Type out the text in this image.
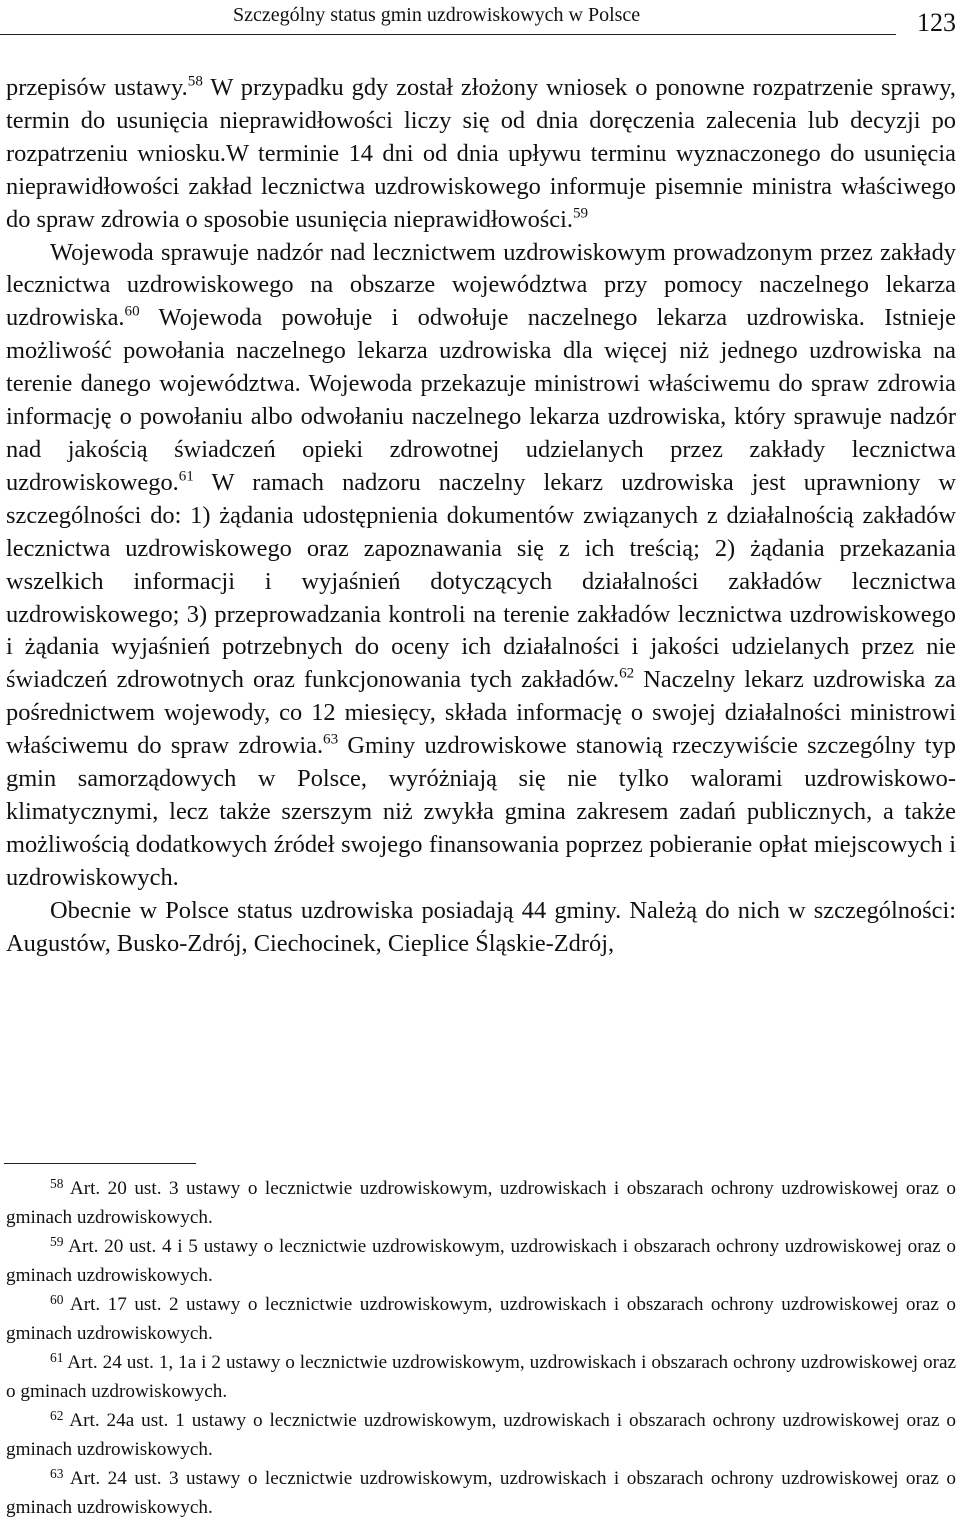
Szczególny status gmin uzdrowiskowych w Polsce	123

przepisów ustawy.$^{58}$ W przypadku gdy został złożony wniosek o ponowne rozpatrzenie sprawy, termin do usunięcia nieprawidłowości liczy się od dnia doręczenia zalecenia lub decyzji po rozpatrzeniu wniosku.W terminie 14 dni od dnia upływu terminu wyznaczonego do usunięcia nieprawidłowości zakład lecznictwa uzdrowiskowego informuje pisemnie ministra właściwego do spraw zdrowia o sposobie usunięcia nieprawidłowości.$^{59}$

Wojewoda sprawuje nadzór nad lecznictwem uzdrowiskowym prowadzonym przez zakłady lecznictwa uzdrowiskowego na obszarze województwa przy pomocy naczelnego lekarza uzdrowiska.$^{60}$ Wojewoda powołuje i odwołuje naczelnego lekarza uzdrowiska. Istnieje możliwość powołania naczelnego lekarza uzdrowiska dla więcej niż jednego uzdrowiska na terenie danego województwa. Wojewoda przekazuje ministrowi właściwemu do spraw zdrowia informację o powołaniu albo odwołaniu naczelnego lekarza uzdrowiska, który sprawuje nadzór nad jakością świadczeń opieki zdrowotnej udzielanych przez zakłady lecznictwa uzdrowiskowego.$^{61}$ W ramach nadzoru naczelny lekarz uzdrowiska jest uprawniony w szczególności do: 1) żądania udostępnienia dokumentów związanych z działalnością zakładów lecznictwa uzdrowiskowego oraz zapoznawania się z ich treścią; 2) żądania przekazania wszelkich informacji i wyjaśnień dotyczących działalności zakładów lecznictwa uzdrowiskowego; 3) przeprowadzania kontroli na terenie zakładów lecznictwa uzdrowiskowego i żądania wyjaśnień potrzebnych do oceny ich działalności i jakości udzielanych przez nie świadczeń zdrowotnych oraz funkcjonowania tych zakładów.$^{62}$ Naczelny lekarz uzdrowiska za pośrednictwem wojewody, co 12 miesięcy, składa informację o swojej działalności ministrowi właściwemu do spraw zdrowia.$^{63}$ Gminy uzdrowiskowe stanowią rzeczywiście szczególny typ gmin samorządowych w Polsce, wyróżniają się nie tylko walorami uzdrowiskowo-klimatycznymi, lecz także szerszym niż zwykła gmina zakresem zadań publicznych, a także możliwością dodatkowych źródeł swojego finansowania poprzez pobieranie opłat miejscowych i uzdrowiskowych.

Obecnie w Polsce status uzdrowiska posiadają 44 gminy. Należą do nich w szczególności: Augustów, Busko-Zdrój, Ciechocinek, Cieplice Śląskie-Zdrój,

$^{58}$ Art. 20 ust. 3 ustawy o lecznictwie uzdrowiskowym, uzdrowiskach i obszarach ochrony uzdrowiskowej oraz o gminach uzdrowiskowych.

$^{59}$ Art. 20 ust. 4 i 5 ustawy o lecznictwie uzdrowiskowym, uzdrowiskach i obszarach ochrony uzdrowiskowej oraz o gminach uzdrowiskowych.

$^{60}$ Art. 17 ust. 2 ustawy o lecznictwie uzdrowiskowym, uzdrowiskach i obszarach ochrony uzdrowiskowej oraz o gminach uzdrowiskowych.

$^{61}$ Art. 24 ust. 1, 1a i 2 ustawy o lecznictwie uzdrowiskowym, uzdrowiskach i obszarach ochrony uzdrowiskowej oraz o gminach uzdrowiskowych.

$^{62}$ Art. 24a ust. 1 ustawy o lecznictwie uzdrowiskowym, uzdrowiskach i obszarach ochrony uzdrowiskowej oraz o gminach uzdrowiskowych.

$^{63}$ Art. 24 ust. 3 ustawy o lecznictwie uzdrowiskowym, uzdrowiskach i obszarach ochrony uzdrowiskowej oraz o gminach uzdrowiskowych.
